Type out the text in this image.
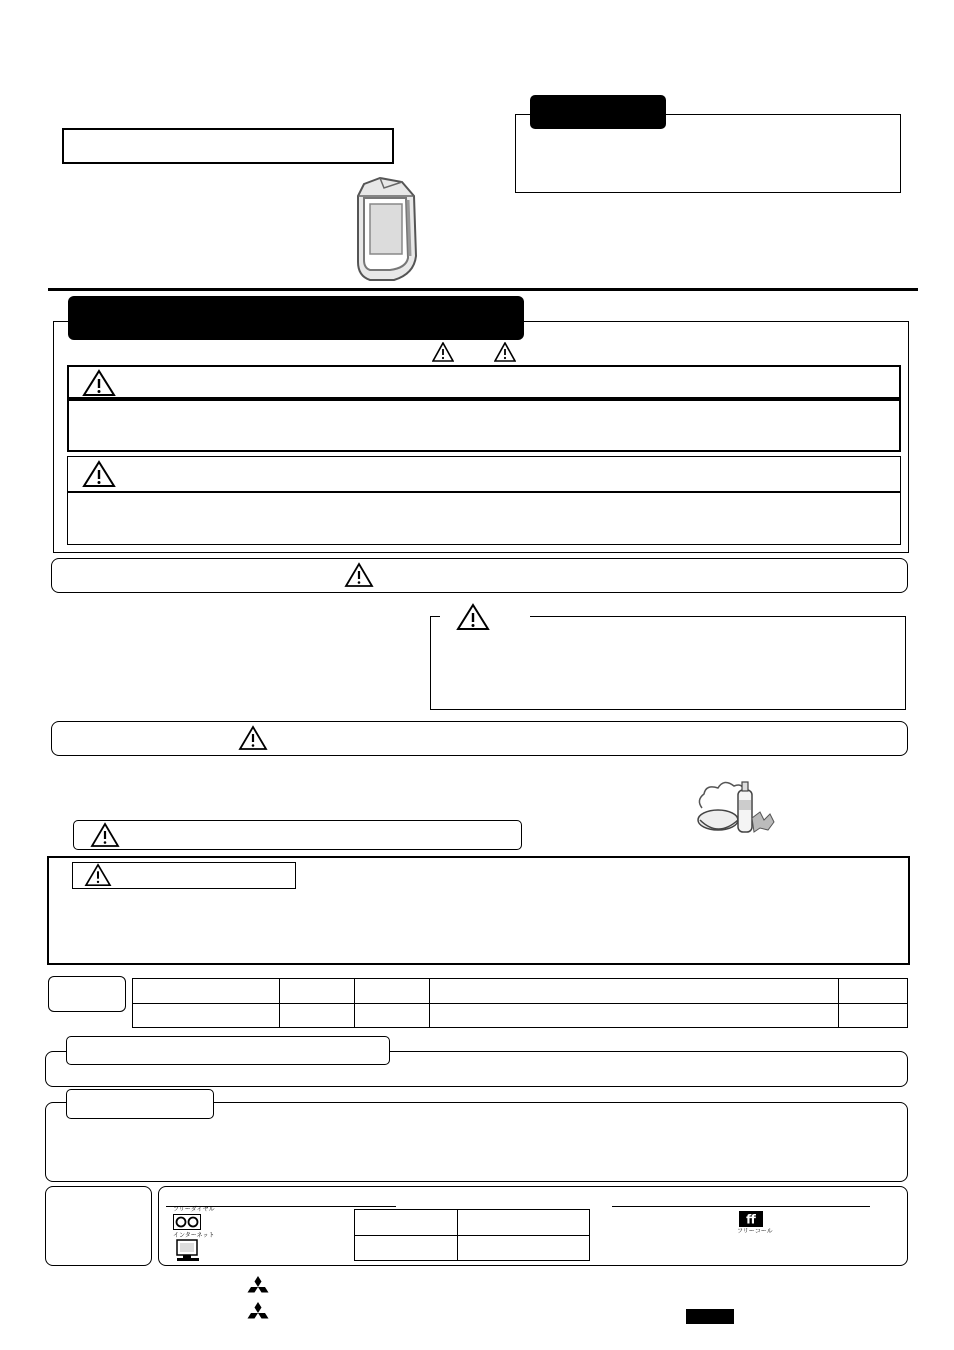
フリーダイヤル
インターネット

ff
フリーコール
